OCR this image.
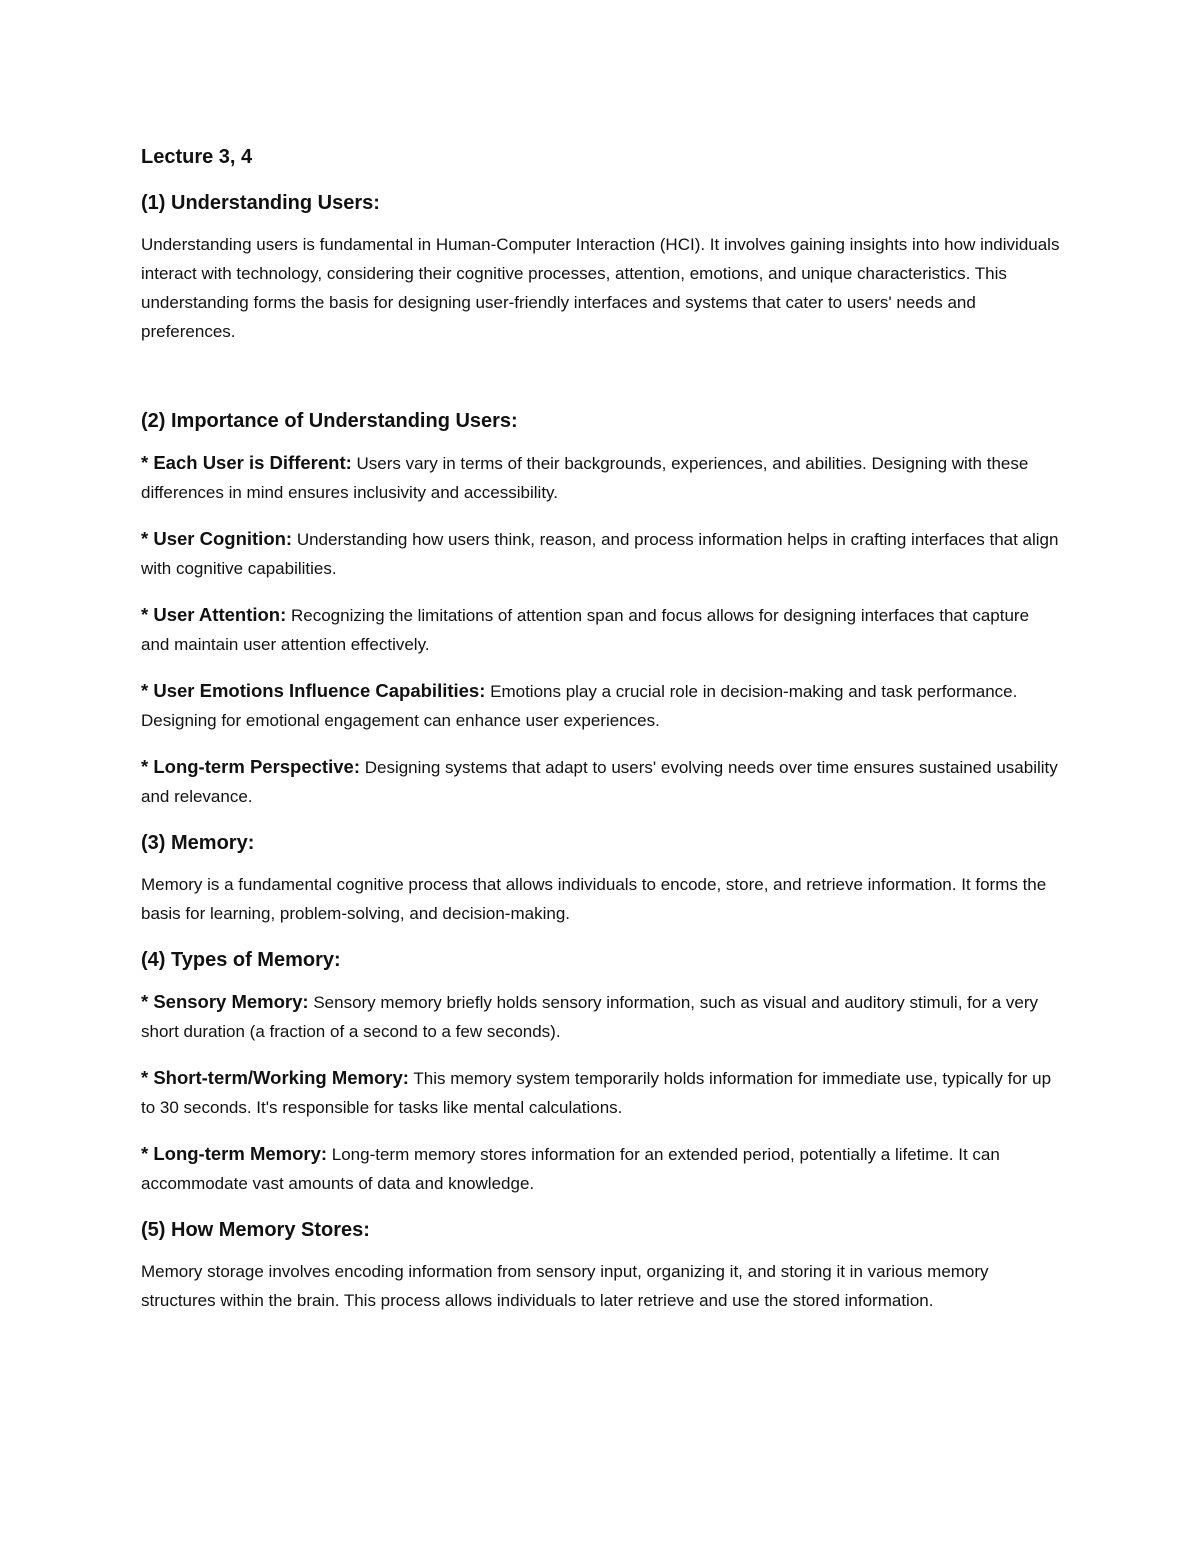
Lecture 3, 4
(1) Understanding Users:
Understanding users is fundamental in Human-Computer Interaction (HCI). It involves gaining insights into how individuals interact with technology, considering their cognitive processes, attention, emotions, and unique characteristics. This understanding forms the basis for designing user-friendly interfaces and systems that cater to users' needs and preferences.
(2) Importance of Understanding Users:
* Each User is Different: Users vary in terms of their backgrounds, experiences, and abilities. Designing with these differences in mind ensures inclusivity and accessibility.
* User Cognition: Understanding how users think, reason, and process information helps in crafting interfaces that align with cognitive capabilities.
* User Attention: Recognizing the limitations of attention span and focus allows for designing interfaces that capture and maintain user attention effectively.
* User Emotions Influence Capabilities: Emotions play a crucial role in decision-making and task performance. Designing for emotional engagement can enhance user experiences.
* Long-term Perspective: Designing systems that adapt to users' evolving needs over time ensures sustained usability and relevance.
(3) Memory:
Memory is a fundamental cognitive process that allows individuals to encode, store, and retrieve information. It forms the basis for learning, problem-solving, and decision-making.
(4) Types of Memory:
* Sensory Memory: Sensory memory briefly holds sensory information, such as visual and auditory stimuli, for a very short duration (a fraction of a second to a few seconds).
* Short-term/Working Memory: This memory system temporarily holds information for immediate use, typically for up to 30 seconds. It's responsible for tasks like mental calculations.
* Long-term Memory: Long-term memory stores information for an extended period, potentially a lifetime. It can accommodate vast amounts of data and knowledge.
(5) How Memory Stores:
Memory storage involves encoding information from sensory input, organizing it, and storing it in various memory structures within the brain. This process allows individuals to later retrieve and use the stored information.
